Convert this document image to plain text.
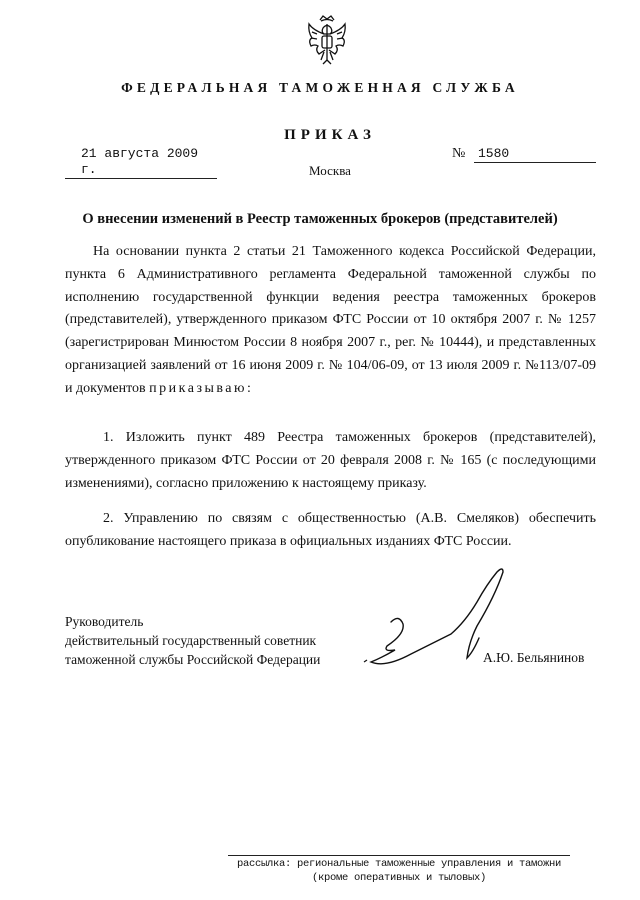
ФЕДЕРАЛЬНАЯ ТАМОЖЕННАЯ СЛУЖБА
ПРИКАЗ
21 августа 2009 г.
№ 1580
Москва
О внесении изменений в Реестр таможенных брокеров (представителей)
На основании пункта 2 статьи 21 Таможенного кодекса Российской Федерации, пункта 6 Административного регламента Федеральной таможенной службы по исполнению государственной функции ведения реестра таможенных брокеров (представителей), утвержденного приказом ФТС России от 10 октября 2007 г. № 1257 (зарегистрирован Минюстом России 8 ноября 2007 г., рег. № 10444), и представленных организацией заявлений от 16 июня 2009 г. № 104/06-09, от 13 июля 2009 г. №113/07-09 и документов приказываю:
1. Изложить пункт 489 Реестра таможенных брокеров (представителей), утвержденного приказом ФТС России от 20 февраля 2008 г. № 165 (с последующими изменениями), согласно приложению к настоящему приказу.
2. Управлению по связям с общественностью (А.В. Смеляков) обеспечить опубликование настоящего приказа в официальных изданиях ФТС России.
Руководитель
действительный государственный советник
таможенной службы Российской Федерации	А.Ю. Бельянинов
рассылка: региональные таможенные управления и таможни
(кроме оперативных и тыловых)
